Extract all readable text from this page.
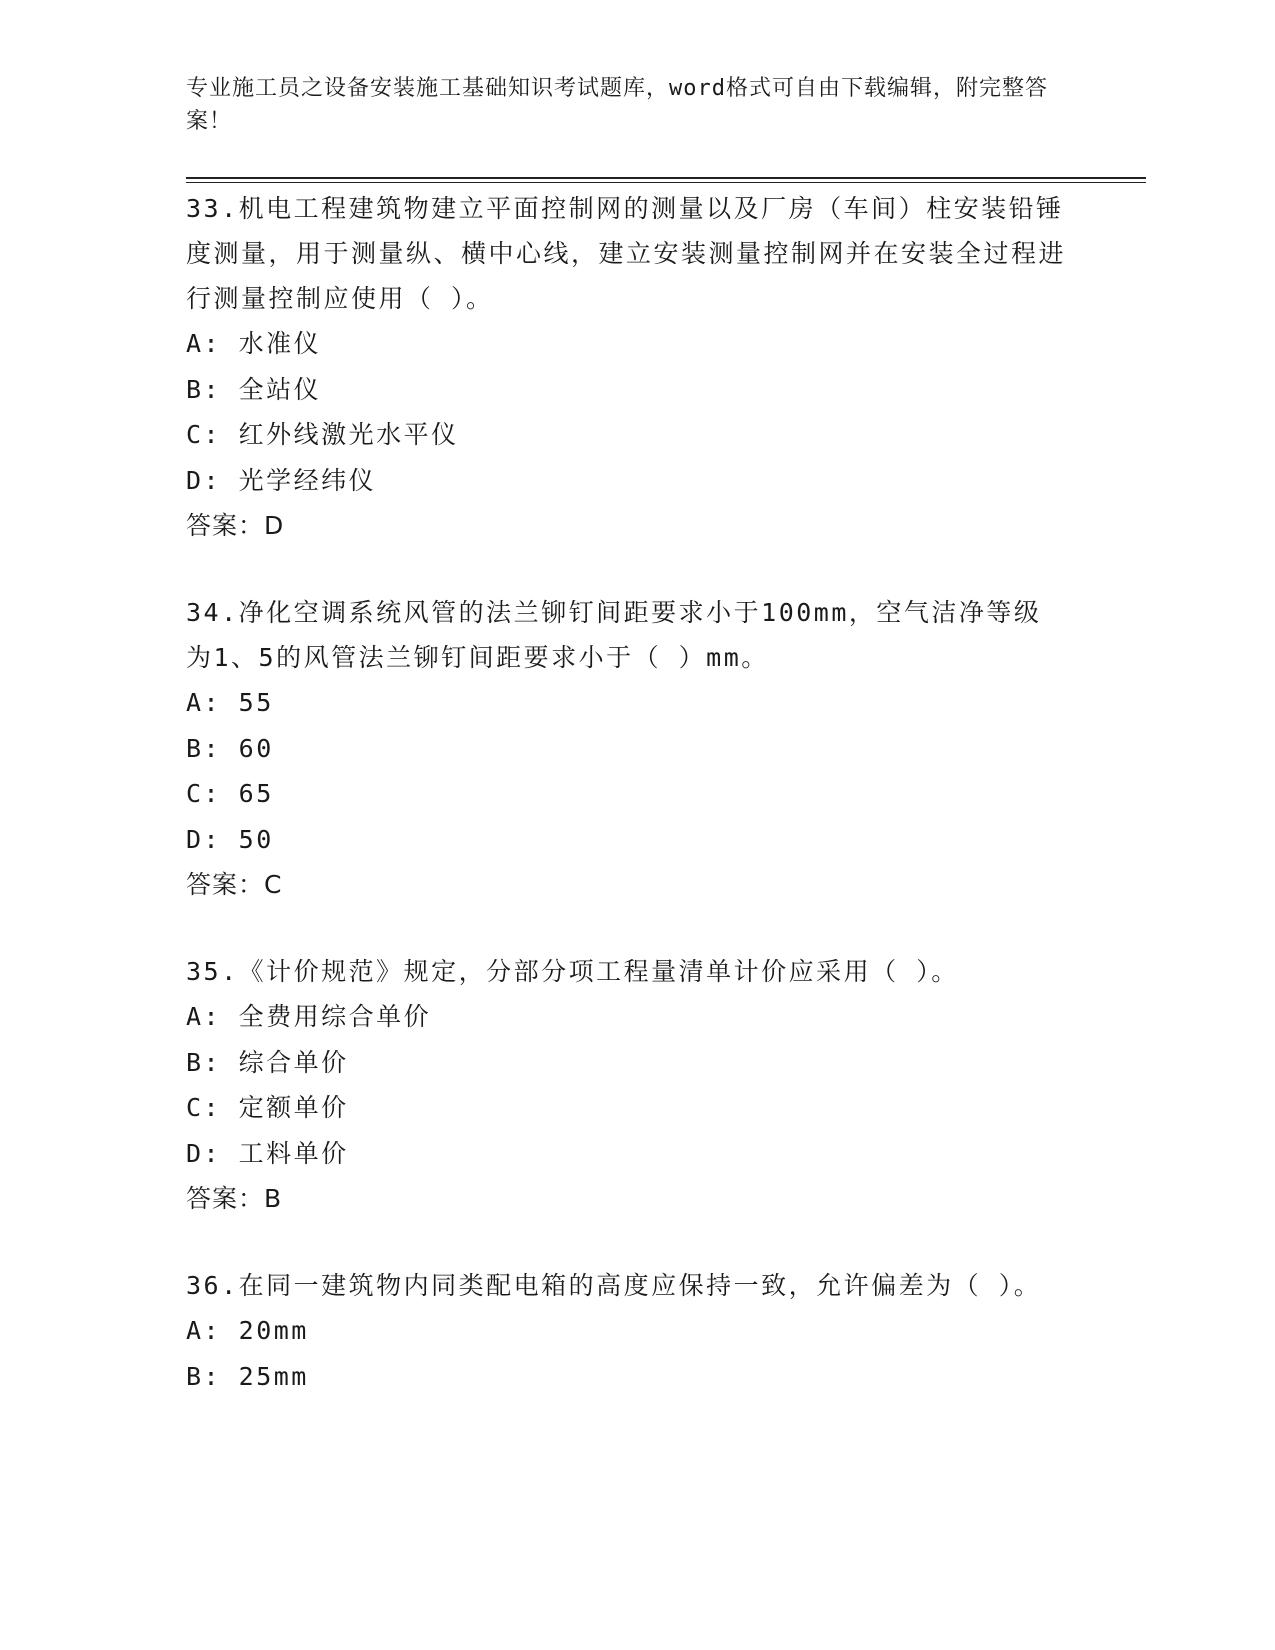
专业施工员之设备安装施工基础知识考试题库，word格式可自由下载编辑，附完整答案！

33.机电工程建筑物建立平面控制网的测量以及厂房（车间）柱安装铅锤度测量，用于测量纵、横中心线，建立安装测量控制网并在安装全过程进行测量控制应使用（ ）。

A: 水准仪

B: 全站仪

C: 红外线激光水平仪

D: 光学经纬仪

答案：D

34.净化空调系统风管的法兰铆钉间距要求小于100mm，空气洁净等级为1、5的风管法兰铆钉间距要求小于（ ）mm。

A: 55

B: 60

C: 65

D: 50

答案：C

35.《计价规范》规定，分部分项工程量清单计价应采用（ ）。

A: 全费用综合单价

B: 综合单价

C: 定额单价

D: 工料单价

答案：B

36.在同一建筑物内同类配电箱的高度应保持一致，允许偏差为（ ）。

A: 20mm

B: 25mm
